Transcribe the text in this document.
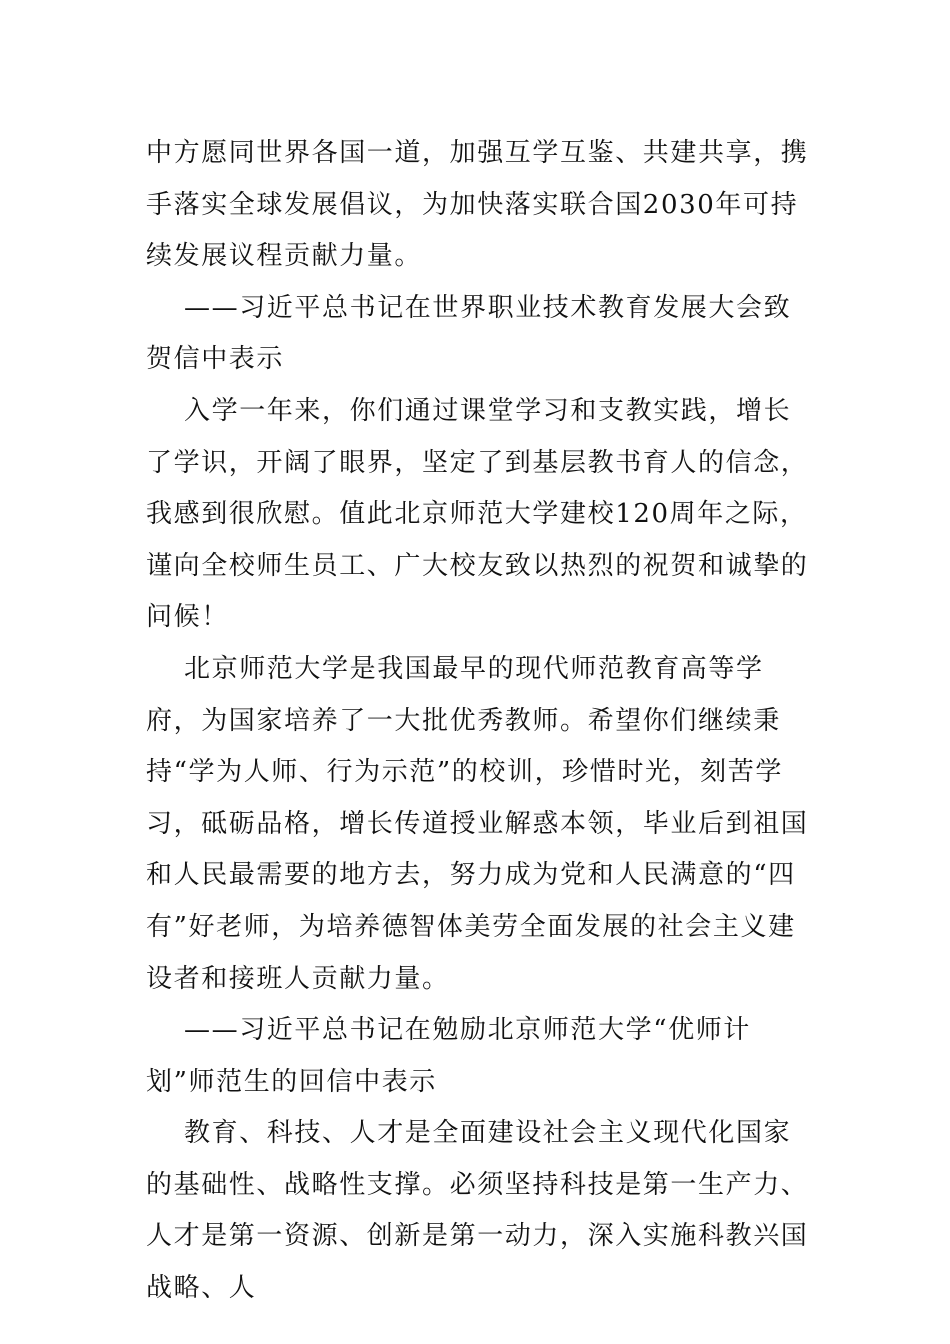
中方愿同世界各国一道，加强互学互鉴、共建共享，携手落实全球发展倡议，为加快落实联合国2030年可持续发展议程贡献力量。

——习近平总书记在世界职业技术教育发展大会致贺信中表示

入学一年来，你们通过课堂学习和支教实践，增长了学识，开阔了眼界，坚定了到基层教书育人的信念，我感到很欣慰。值此北京师范大学建校120周年之际，谨向全校师生员工、广大校友致以热烈的祝贺和诚挚的问候！

北京师范大学是我国最早的现代师范教育高等学府，为国家培养了一大批优秀教师。希望你们继续秉持“学为人师、行为示范”的校训，珍惜时光，刻苦学习，砥砺品格，增长传道授业解惑本领，毕业后到祖国和人民最需要的地方去，努力成为党和人民满意的“四有”好老师，为培养德智体美劳全面发展的社会主义建设者和接班人贡献力量。

——习近平总书记在勉励北京师范大学“优师计划”师范生的回信中表示

教育、科技、人才是全面建设社会主义现代化国家的基础性、战略性支撑。必须坚持科技是第一生产力、人才是第一资源、创新是第一动力，深入实施科教兴国战略、人
